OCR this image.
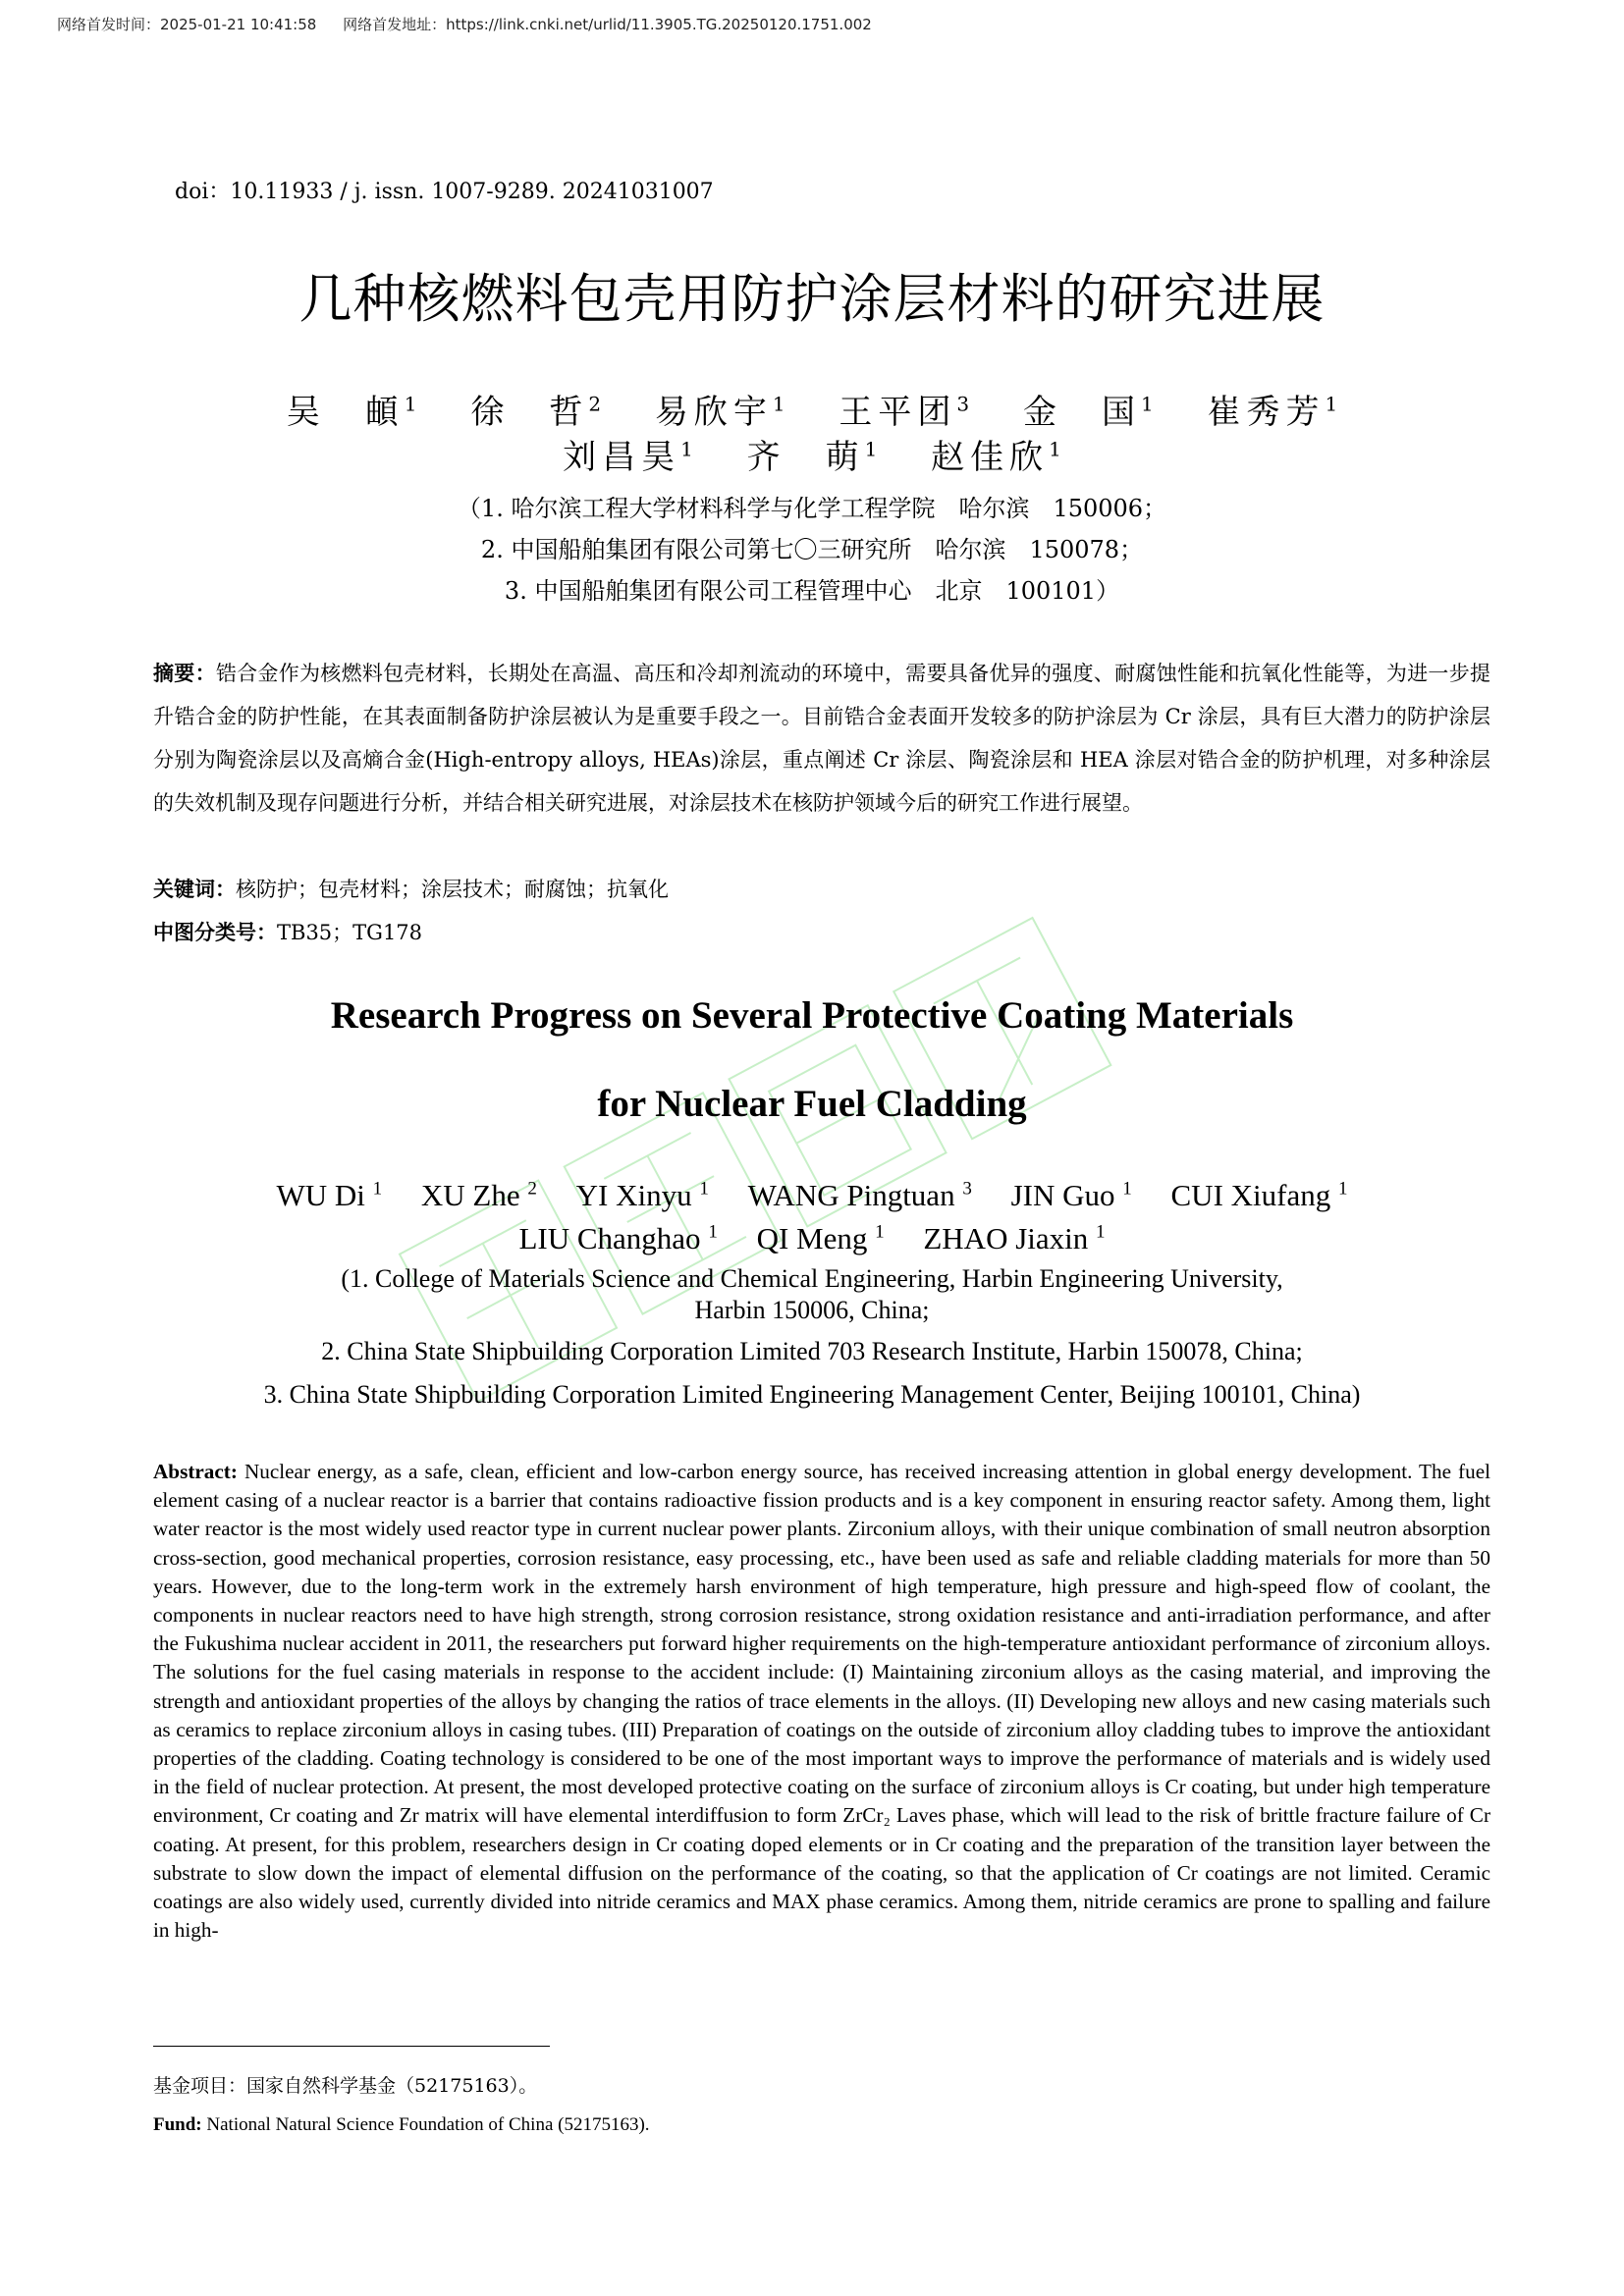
网络首发时间：2025-01-21 10:41:58 网络首发地址：https://link.cnki.net/urlid/11.3905.TG.20250120.1751.002
doi：10.11933 / j. issn. 1007-9289. 20241031007
几种核燃料包壳用防护涂层材料的研究进展
吴　頔$^1$ 徐　哲$^2$ 易欣宇$^1$ 王平团$^3$ 金　国$^1$ 崔秀芳$^1$
刘昌昊$^1$ 齐　萌$^1$ 赵佳欣$^1$
（1. 哈尔滨工程大学材料科学与化学工程学院　哈尔滨　150006；
2. 中国船舶集团有限公司第七〇三研究所　哈尔滨　150078；
3. 中国船舶集团有限公司工程管理中心　北京　100101）
摘要：锆合金作为核燃料包壳材料，长期处在高温、高压和冷却剂流动的环境中，需要具备优异的强度、耐腐蚀性能和抗氧化性能等，为进一步提升锆合金的防护性能，在其表面制备防护涂层被认为是重要手段之一。目前锆合金表面开发较多的防护涂层为 Cr 涂层，具有巨大潜力的防护涂层分别为陶瓷涂层以及高熵合金(High-entropy alloys, HEAs)涂层，重点阐述 Cr 涂层、陶瓷涂层和 HEA 涂层对锆合金的防护机理，对多种涂层的失效机制及现存问题进行分析，并结合相关研究进展，对涂层技术在核防护领域今后的研究工作进行展望。
关键词：核防护；包壳材料；涂层技术；耐腐蚀；抗氧化
中图分类号：TB35；TG178
Research Progress on Several Protective Coating Materials
for Nuclear Fuel Cladding
WU Di $^1$ XU Zhe $^2$ YI Xinyu $^1$ WANG Pingtuan $^3$ JIN Guo $^1$ CUI Xiufang $^1$
LIU Changhao $^1$ QI Meng $^1$ ZHAO Jiaxin $^1$
(1. College of Materials Science and Chemical Engineering, Harbin Engineering University,
Harbin 150006, China;
2. China State Shipbuilding Corporation Limited 703 Research Institute, Harbin 150078, China;
3. China State Shipbuilding Corporation Limited Engineering Management Center, Beijing 100101, China)
Abstract: Nuclear energy, as a safe, clean, efficient and low-carbon energy source, has received increasing attention in global energy development. The fuel element casing of a nuclear reactor is a barrier that contains radioactive fission products and is a key component in ensuring reactor safety. Among them, light water reactor is the most widely used reactor type in current nuclear power plants. Zirconium alloys, with their unique combination of small neutron absorption cross-section, good mechanical properties, corrosion resistance, easy processing, etc., have been used as safe and reliable cladding materials for more than 50 years. However, due to the long-term work in the extremely harsh environment of high temperature, high pressure and high-speed flow of coolant, the components in nuclear reactors need to have high strength, strong corrosion resistance, strong oxidation resistance and anti-irradiation performance, and after the Fukushima nuclear accident in 2011, the researchers put forward higher requirements on the high-temperature antioxidant performance of zirconium alloys. The solutions for the fuel casing materials in response to the accident include: (I) Maintaining zirconium alloys as the casing material, and improving the strength and antioxidant properties of the alloys by changing the ratios of trace elements in the alloys. (II) Developing new alloys and new casing materials such as ceramics to replace zirconium alloys in casing tubes. (III) Preparation of coatings on the outside of zirconium alloy cladding tubes to improve the antioxidant properties of the cladding. Coating technology is considered to be one of the most important ways to improve the performance of materials and is widely used in the field of nuclear protection. At present, the most developed protective coating on the surface of zirconium alloys is Cr coating, but under high temperature environment, Cr coating and Zr matrix will have elemental interdiffusion to form ZrCr₂ Laves phase, which will lead to the risk of brittle fracture failure of Cr coating. At present, for this problem, researchers design in Cr coating doped elements or in Cr coating and the preparation of the transition layer between the substrate to slow down the impact of elemental diffusion on the performance of the coating, so that the application of Cr coatings are not limited. Ceramic coatings are also widely used, currently divided into nitride ceramics and MAX phase ceramics. Among them, nitride ceramics are prone to spalling and failure in high-
基金项目：国家自然科学基金（52175163）。
Fund: National Natural Science Foundation of China (52175163).
